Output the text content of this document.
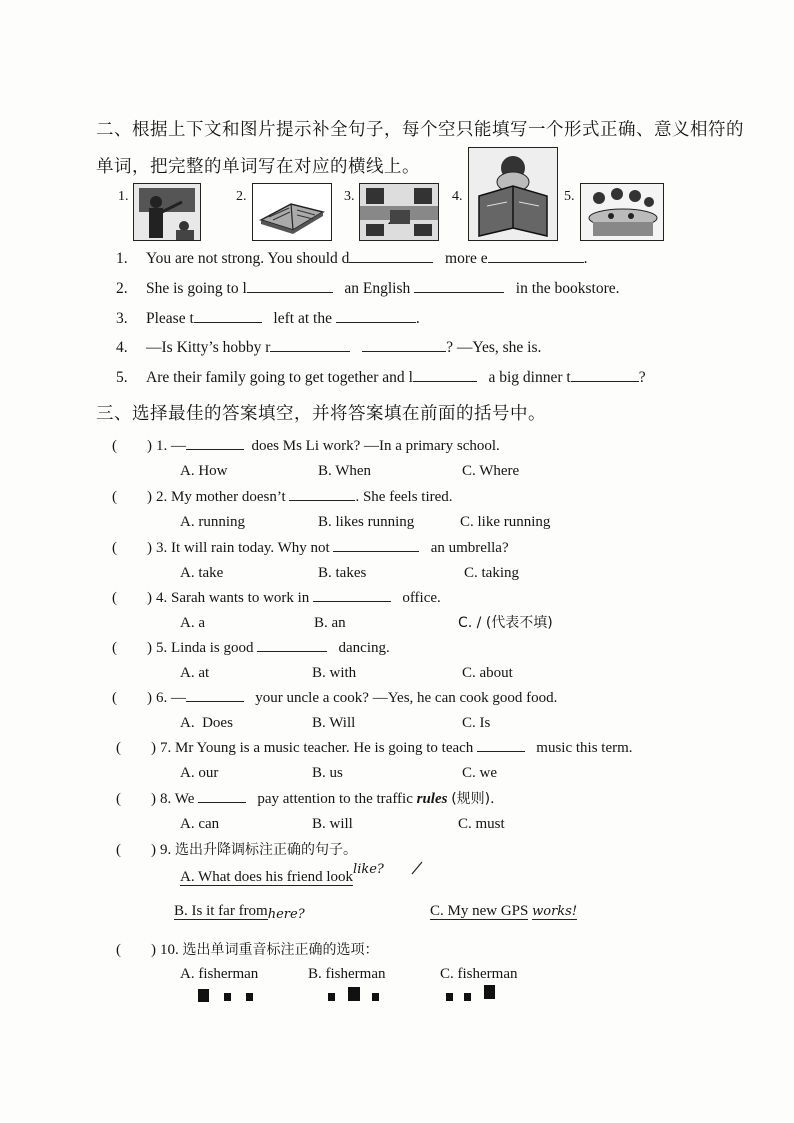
二、根据上下文和图片提示补全句子，每个空只能填写一个形式正确、意义相符的
单词，把完整的单词写在对应的横线上。
1.	2.	3.	4.	5.
1. You are not strong. You should d	more e	.
2. She is going to l	an English	in the bookstore.
3. Please t	left at the	.
4. —Is Kitty’s hobby r	? —Yes, she is.
5. Are their family going to get together and l	a big dinner t	?
三、选择最佳的答案填空，并将答案填在前面的括号中。
(  ) 1. —	does Ms Li work? —In a primary school.
A. How	B. When	C. Where
(  ) 2. My mother doesn’t	. She feels tired.
A. running	B. likes running	C. like running
(  ) 3. It will rain today. Why not	an umbrella?
A. take	B. takes	C. taking
(  ) 4. Sarah wants to work in	office.
A. a	B. an	C. / (代表不填)
(  ) 5. Linda is good	dancing.
A. at	B. with	C. about
(  ) 6. —	your uncle a cook? —Yes, he can cook good food.
A.  Does	B. Will	C. Is
(  ) 7. Mr Young is a music teacher. He is going to teach	music this term.
A. our	B. us	C. we
(  ) 8. We	pay attention to the traffic rules (规则).
A. can	B. will	C. must
(  ) 9. 选出升降调标注正确的句子。
A. What does his friend looklike?
B. Is it far fromhere?	C. My new GPS works!
(  ) 10. 选出单词重音标注正确的选项：
A. fisherman	B. fisherman	C. fisherman
